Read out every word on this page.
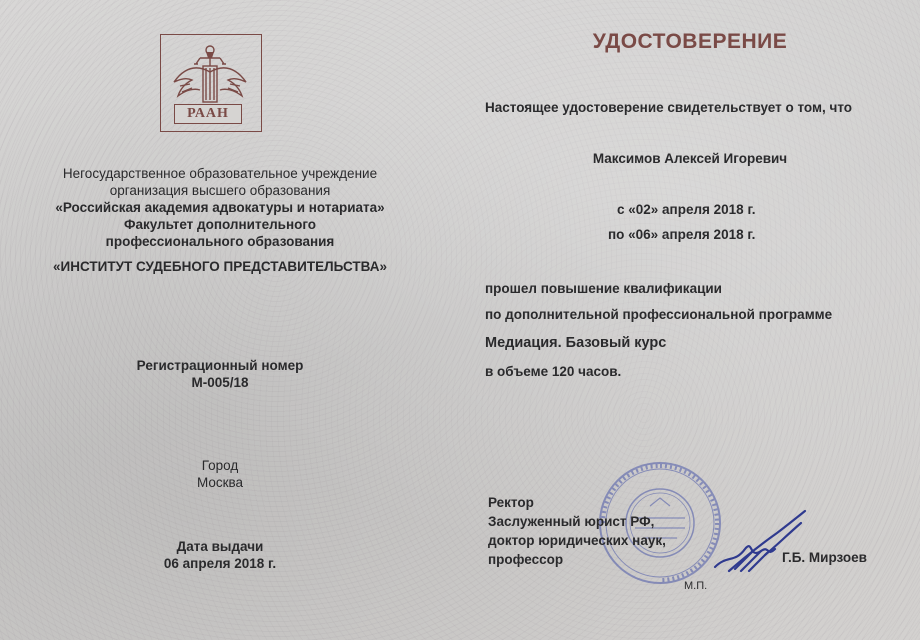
РААН
УДОСТОВЕРЕНИЕ
Негосударственное образовательное учреждение
организация высшего образования
«Российская академия адвокатуры и нотариата»
Факультет дополнительного
профессионального образования
«ИНСТИТУТ СУДЕБНОГО ПРЕДСТАВИТЕЛЬСТВА»
Регистрационный номер
М-005/18
Город
Москва
Дата выдачи
06 апреля 2018 г.
Настоящее удостоверение свидетельствует о том, что
Максимов Алексей Игоревич
с «02» апреля 2018 г.
по «06» апреля 2018 г.
прошел повышение квалификации
по дополнительной профессиональной программе
Медиация. Базовый курс
в объеме 120 часов.
Ректор
Заслуженный юрист РФ,
доктор юридических наук,
профессор	Г.Б. Мирзоев
М.П.
